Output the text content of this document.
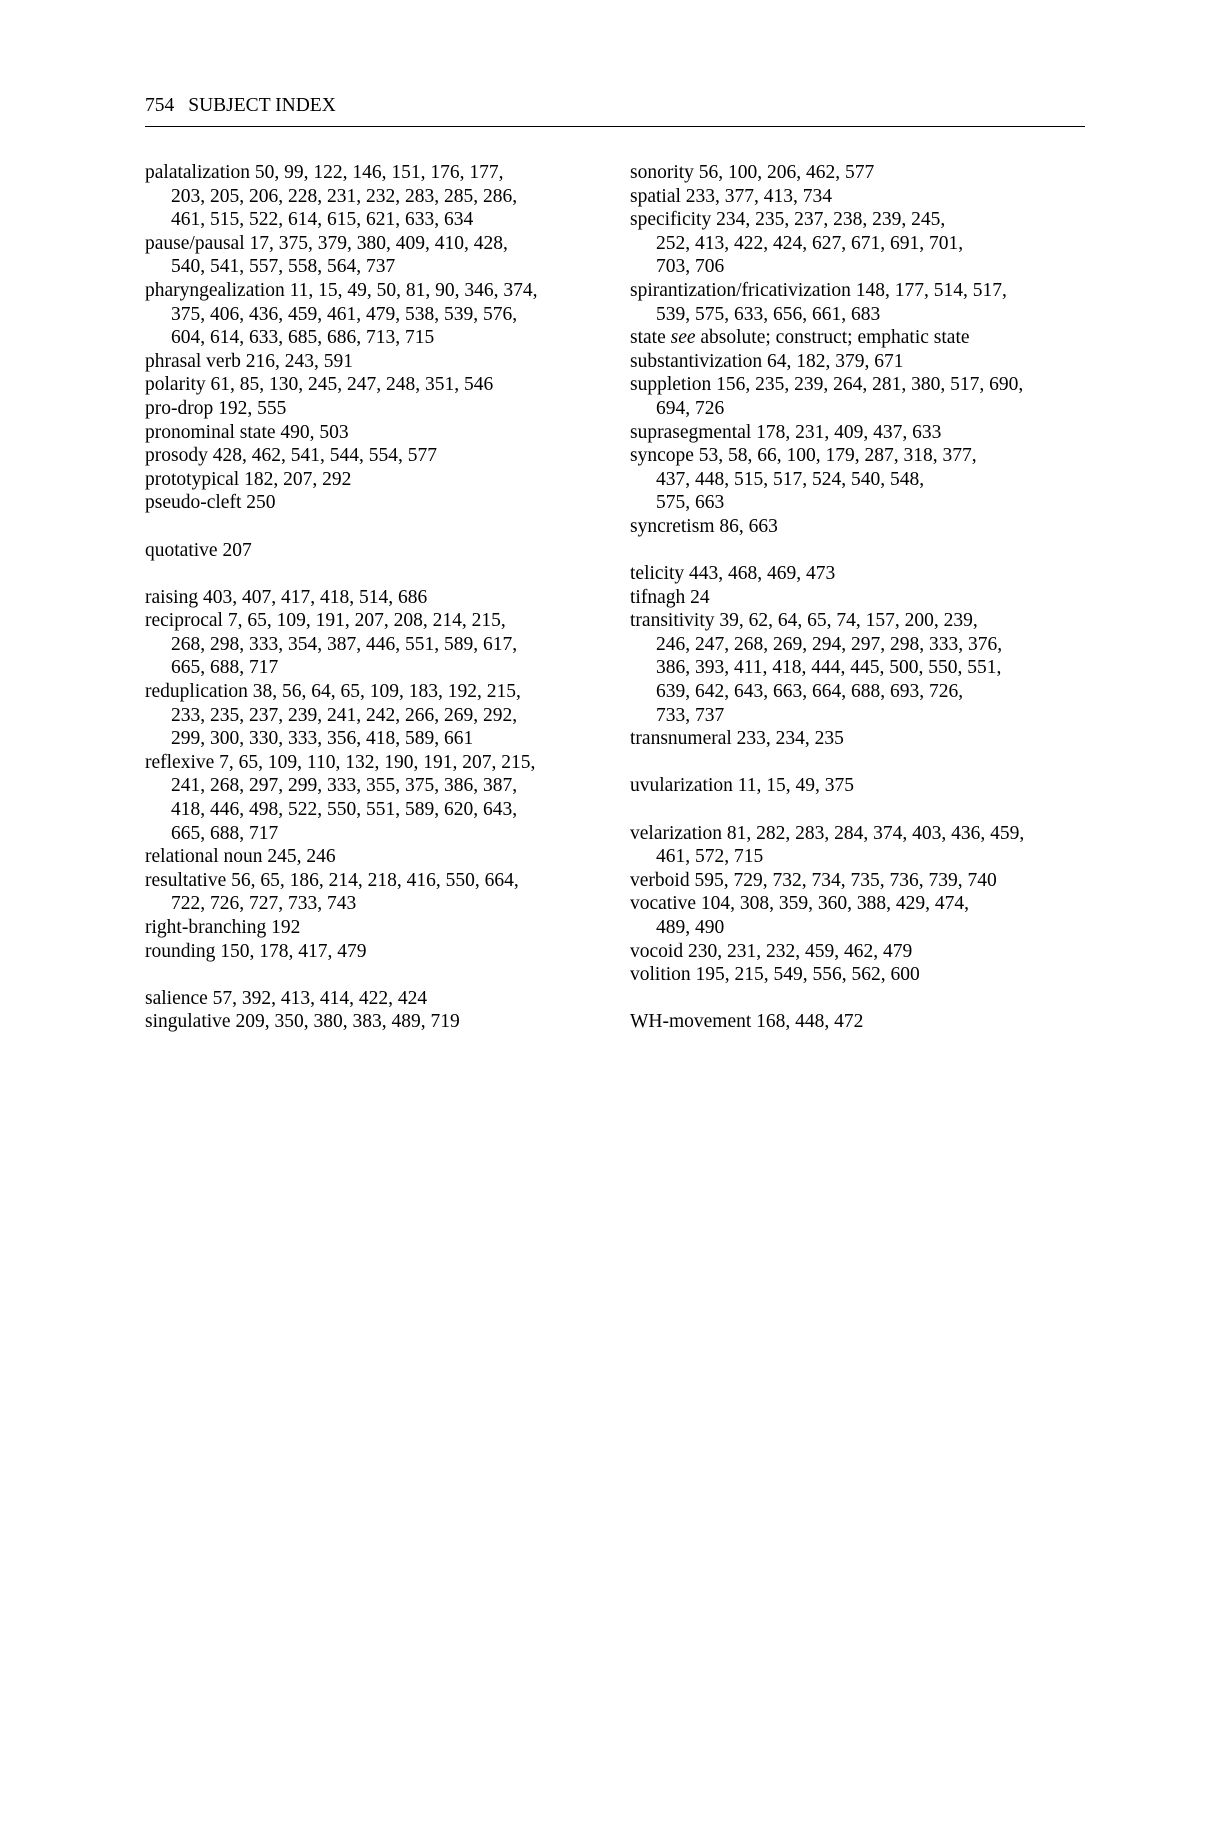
754 SUBJECT INDEX
palatalization 50, 99, 122, 146, 151, 176, 177,
203, 205, 206, 228, 231, 232, 283, 285, 286,
461, 515, 522, 614, 615, 621, 633, 634
pause/pausal 17, 375, 379, 380, 409, 410, 428,
540, 541, 557, 558, 564, 737
pharyngealization 11, 15, 49, 50, 81, 90, 346, 374,
375, 406, 436, 459, 461, 479, 538, 539, 576,
604, 614, 633, 685, 686, 713, 715
phrasal verb 216, 243, 591
polarity 61, 85, 130, 245, 247, 248, 351, 546
pro-drop 192, 555
pronominal state 490, 503
prosody 428, 462, 541, 544, 554, 577
prototypical 182, 207, 292
pseudo-cleft 250
quotative 207
raising 403, 407, 417, 418, 514, 686
reciprocal 7, 65, 109, 191, 207, 208, 214, 215,
268, 298, 333, 354, 387, 446, 551, 589, 617,
665, 688, 717
reduplication 38, 56, 64, 65, 109, 183, 192, 215,
233, 235, 237, 239, 241, 242, 266, 269, 292,
299, 300, 330, 333, 356, 418, 589, 661
reflexive 7, 65, 109, 110, 132, 190, 191, 207, 215,
241, 268, 297, 299, 333, 355, 375, 386, 387,
418, 446, 498, 522, 550, 551, 589, 620, 643,
665, 688, 717
relational noun 245, 246
resultative 56, 65, 186, 214, 218, 416, 550, 664,
722, 726, 727, 733, 743
right-branching 192
rounding 150, 178, 417, 479
salience 57, 392, 413, 414, 422, 424
singulative 209, 350, 380, 383, 489, 719
sonority 56, 100, 206, 462, 577
spatial 233, 377, 413, 734
specificity 234, 235, 237, 238, 239, 245,
252, 413, 422, 424, 627, 671, 691, 701,
703, 706
spirantization/fricativization 148, 177, 514, 517,
539, 575, 633, 656, 661, 683
state see absolute; construct; emphatic state
substantivization 64, 182, 379, 671
suppletion 156, 235, 239, 264, 281, 380, 517, 690,
694, 726
suprasegmental 178, 231, 409, 437, 633
syncope 53, 58, 66, 100, 179, 287, 318, 377,
437, 448, 515, 517, 524, 540, 548,
575, 663
syncretism 86, 663
telicity 443, 468, 469, 473
tifnagh 24
transitivity 39, 62, 64, 65, 74, 157, 200, 239,
246, 247, 268, 269, 294, 297, 298, 333, 376,
386, 393, 411, 418, 444, 445, 500, 550, 551,
639, 642, 643, 663, 664, 688, 693, 726,
733, 737
transnumeral 233, 234, 235
uvularization 11, 15, 49, 375
velarization 81, 282, 283, 284, 374, 403, 436, 459,
461, 572, 715
verboid 595, 729, 732, 734, 735, 736, 739, 740
vocative 104, 308, 359, 360, 388, 429, 474,
489, 490
vocoid 230, 231, 232, 459, 462, 479
volition 195, 215, 549, 556, 562, 600
WH-movement 168, 448, 472
